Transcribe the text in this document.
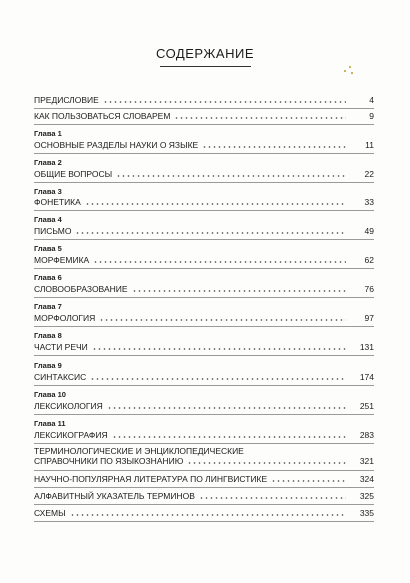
СОДЕРЖАНИЕ
ПРЕДИСЛОВИЕ	4
КАК ПОЛЬЗОВАТЬСЯ СЛОВАРЕМ	9
Глава 1
ОСНОВНЫЕ РАЗДЕЛЫ НАУКИ О ЯЗЫКЕ	11
Глава 2
ОБЩИЕ ВОПРОСЫ	22
Глава 3
ФОНЕТИКА	33
Глава 4
ПИСЬМО	49
Глава 5
МОРФЕМИКА	62
Глава 6
СЛОВООБРАЗОВАНИЕ	76
Глава 7
МОРФОЛОГИЯ	97
Глава 8
ЧАСТИ РЕЧИ	131
Глава 9
СИНТАКСИС	174
Глава 10
ЛЕКСИКОЛОГИЯ	251
Глава 11
ЛЕКСИКОГРАФИЯ	283
ТЕРМИНОЛОГИЧЕСКИЕ И ЭНЦИКЛОПЕДИЧЕСКИЕ
СПРАВОЧНИКИ ПО ЯЗЫКОЗНАНИЮ	321
НАУЧНО-ПОПУЛЯРНАЯ ЛИТЕРАТУРА ПО ЛИНГВИСТИКЕ	324
АЛФАВИТНЫЙ УКАЗАТЕЛЬ ТЕРМИНОВ	325
СХЕМЫ	335
